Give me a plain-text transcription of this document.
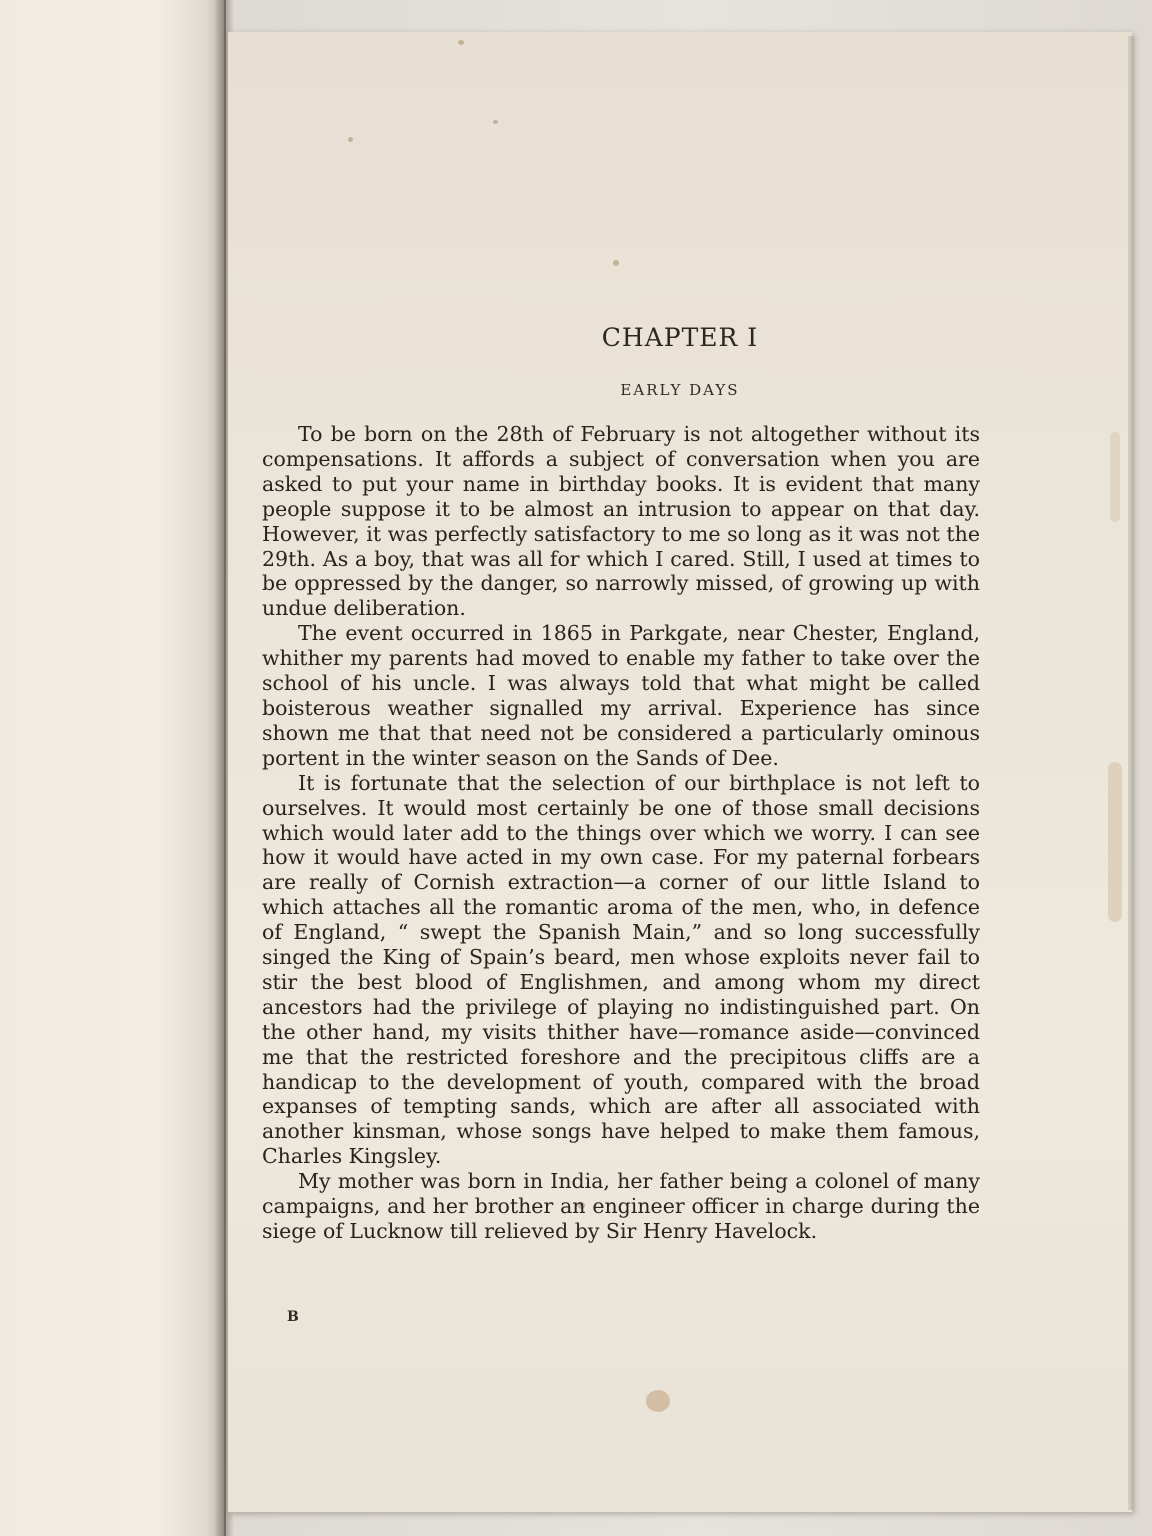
CHAPTER I
EARLY DAYS

To be born on the 28th of February is not altogether without its compensations. It affords a subject of conversation when you are asked to put your name in birthday books. It is evident that many people suppose it to be almost an intrusion to appear on that day. However, it was perfectly satisfactory to me so long as it was not the 29th. As a boy, that was all for which I cared. Still, I used at times to be oppressed by the danger, so narrowly missed, of growing up with undue deliberation.

The event occurred in 1865 in Parkgate, near Chester, England, whither my parents had moved to enable my father to take over the school of his uncle. I was always told that what might be called boisterous weather signalled my arrival. Experience has since shown me that that need not be considered a particularly ominous portent in the winter season on the Sands of Dee.

It is fortunate that the selection of our birthplace is not left to ourselves. It would most certainly be one of those small decisions which would later add to the things over which we worry. I can see how it would have acted in my own case. For my paternal forbears are really of Cornish extraction—a corner of our little Island to which attaches all the romantic aroma of the men, who, in defence of England, “ swept the Spanish Main,” and so long successfully singed the King of Spain’s beard, men whose exploits never fail to stir the best blood of Englishmen, and among whom my direct ancestors had the privilege of playing no indistinguished part. On the other hand, my visits thither have—romance aside—convinced me that the restricted foreshore and the precipitous cliffs are a handicap to the development of youth, compared with the broad expanses of tempting sands, which are after all associated with another kinsman, whose songs have helped to make them famous, Charles Kingsley.

My mother was born in India, her father being a colonel of many campaigns, and her brother an engineer officer in charge during the siege of Lucknow till relieved by Sir Henry Havelock.

B
